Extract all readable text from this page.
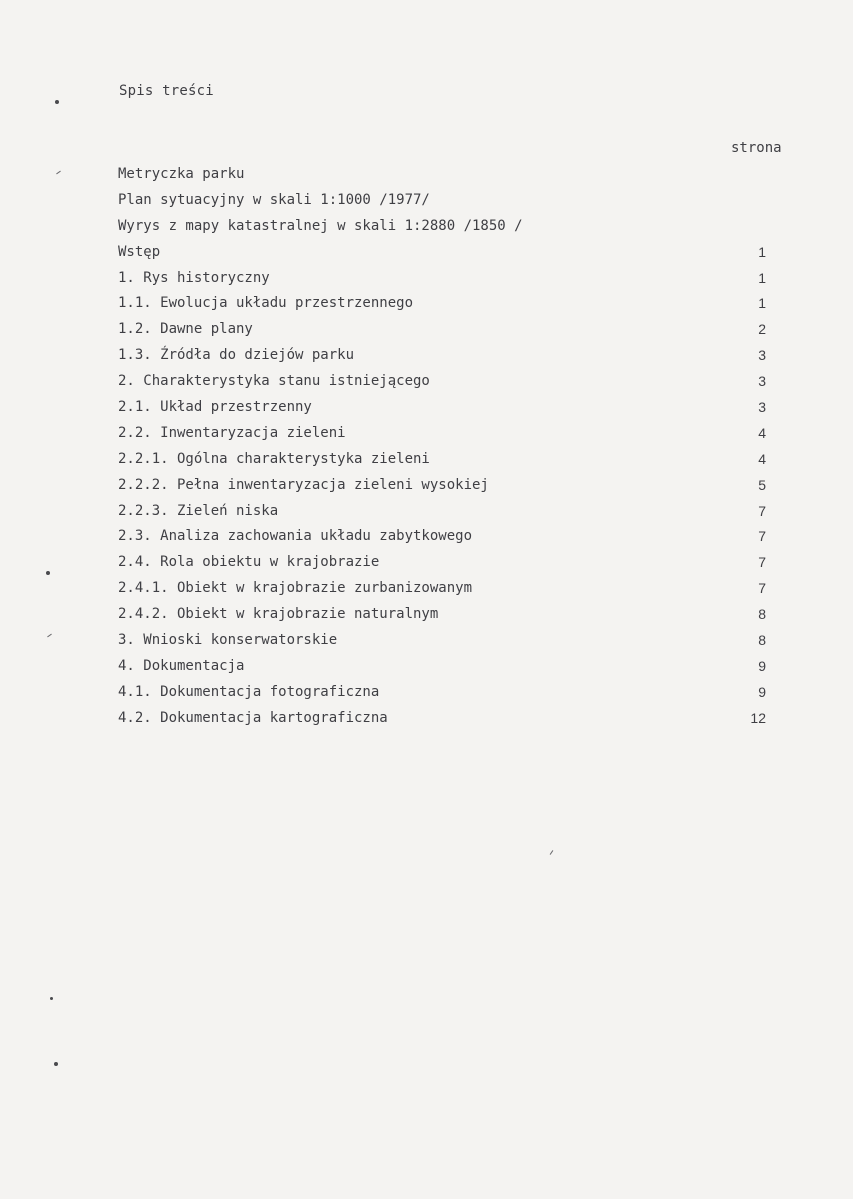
Spis treści
strona
Metryczka parku
Plan sytuacyjny w skali 1:1000 /1977/
Wyrys z mapy katastralnej w skali 1:2880 /1850 /
Wstęp	1
1. Rys historyczny	1
1.1. Ewolucja układu przestrzennego	1
1.2. Dawne plany	2
1.3. Źródła do dziejów parku	3
2. Charakterystyka stanu istniejącego	3
2.1. Układ przestrzenny	3
2.2. Inwentaryzacja zieleni	4
2.2.1. Ogólna charakterystyka zieleni	4
2.2.2. Pełna inwentaryzacja zieleni wysokiej	5
2.2.3. Zieleń niska	7
2.3. Analiza zachowania układu zabytkowego	7
2.4. Rola obiektu w krajobrazie	7
2.4.1. Obiekt w krajobrazie zurbanizowanym	7
2.4.2. Obiekt w krajobrazie naturalnym	8
3. Wnioski konserwatorskie	8
4. Dokumentacja	9
4.1. Dokumentacja fotograficzna	9
4.2. Dokumentacja kartograficzna	12
